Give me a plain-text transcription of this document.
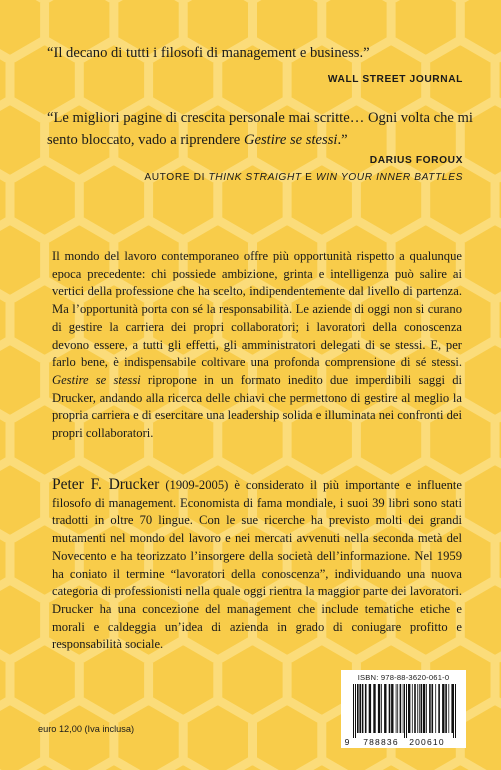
“Il decano di tutti i filosofi di management e business.”
WALL STREET JOURNAL
“Le migliori pagine di crescita personale mai scritte… Ogni volta che mi sento bloccato, vado a riprendere Gestire se stessi.”
DARIUS FOROUX
AUTORE DI THINK STRAIGHT E WIN YOUR INNER BATTLES
Il mondo del lavoro contemporaneo offre più opportunità rispetto a qualunque epoca precedente: chi possiede ambizione, grinta e intelligenza può salire ai vertici della professione che ha scelto, indipendentemente dal livello di partenza. Ma l’opportunità porta con sé la responsabilità. Le aziende di oggi non si curano di gestire la carriera dei propri collaboratori; i lavoratori della conoscenza devono essere, a tutti gli effetti, gli amministratori delegati di se stessi. E, per farlo bene, è indispensabile coltivare una profonda comprensione di sé stessi. Gestire se stessi ripropone in un formato inedito due imperdibili saggi di Drucker, andando alla ricerca delle chiavi che permettono di gestire al meglio la propria carriera e di esercitare una leadership solida e illuminata nei confronti dei propri collaboratori.
Peter F. Drucker (1909-2005) è considerato il più importante e influente filosofo di management. Economista di fama mondiale, i suoi 39 libri sono stati tradotti in oltre 70 lingue. Con le sue ricerche ha previsto molti dei grandi mutamenti nel mondo del lavoro e nei mercati avvenuti nella seconda metà del Novecento e ha teorizzato l’insorgere della società dell’informazione. Nel 1959 ha coniato il termine “lavoratori della conoscenza”, individuando una nuova categoria di professionisti nella quale oggi rientra la maggior parte dei lavoratori. Drucker ha una concezione del management che include tematiche etiche e morali e caldeggia un’idea di azienda in grado di coniugare profitto e responsabilità sociale.
euro 12,00 (Iva inclusa)
ISBN: 978-88-3620-061-0
9 788836 200610
